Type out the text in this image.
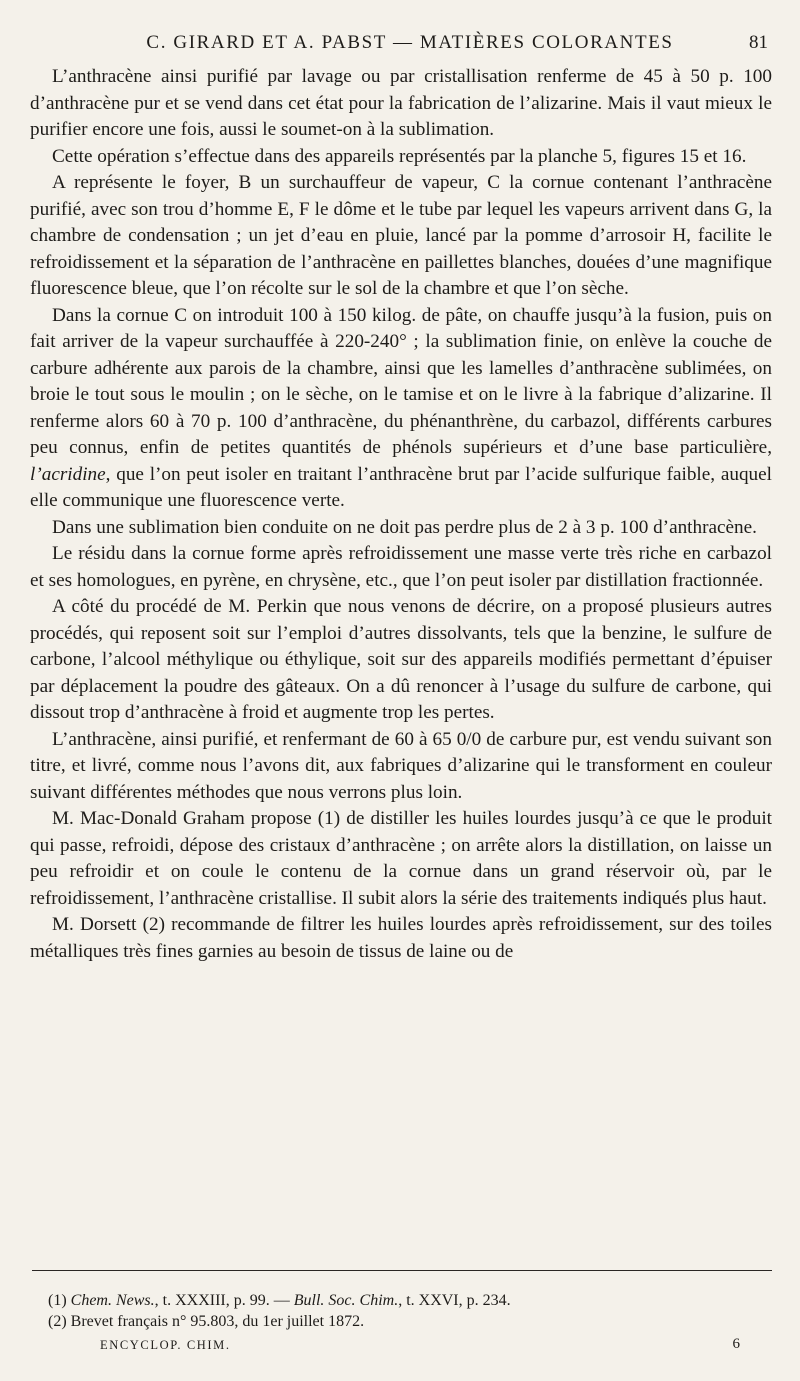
C. GIRARD ET A. PABST — MATIÈRES COLORANTES	81

L’anthracène ainsi purifié par lavage ou par cristallisation renferme de 45 à 50 p. 100 d’anthracène pur et se vend dans cet état pour la fabrication de l’alizarine. Mais il vaut mieux le purifier encore une fois, aussi le soumet-on à la sublimation.

Cette opération s’effectue dans des appareils représentés par la planche 5, figures 15 et 16.

A représente le foyer, B un surchauffeur de vapeur, C la cornue contenant l’anthracène purifié, avec son trou d’homme E, F le dôme et le tube par lequel les vapeurs arrivent dans G, la chambre de condensation ; un jet d’eau en pluie, lancé par la pomme d’arrosoir H, facilite le refroidissement et la séparation de l’anthracène en paillettes blanches, douées d’une magnifique fluorescence bleue, que l’on récolte sur le sol de la chambre et que l’on sèche.

Dans la cornue C on introduit 100 à 150 kilog. de pâte, on chauffe jusqu’à la fusion, puis on fait arriver de la vapeur surchauffée à 220-240° ; la sublimation finie, on enlève la couche de carbure adhérente aux parois de la chambre, ainsi que les lamelles d’anthracène sublimées, on broie le tout sous le moulin ; on le sèche, on le tamise et on le livre à la fabrique d’alizarine. Il renferme alors 60 à 70 p. 100 d’anthracène, du phénanthrène, du carbazol, différents carbures peu connus, enfin de petites quantités de phénols supérieurs et d’une base particulière, l’acridine, que l’on peut isoler en traitant l’anthracène brut par l’acide sulfurique faible, auquel elle communique une fluorescence verte.

Dans une sublimation bien conduite on ne doit pas perdre plus de 2 à 3 p. 100 d’anthracène.

Le résidu dans la cornue forme après refroidissement une masse verte très riche en carbazol et ses homologues, en pyrène, en chrysène, etc., que l’on peut isoler par distillation fractionnée.

A côté du procédé de M. Perkin que nous venons de décrire, on a proposé plusieurs autres procédés, qui reposent soit sur l’emploi d’autres dissolvants, tels que la benzine, le sulfure de carbone, l’alcool méthylique ou éthylique, soit sur des appareils modifiés permettant d’épuiser par déplacement la poudre des gâteaux. On a dû renoncer à l’usage du sulfure de carbone, qui dissout trop d’anthracène à froid et augmente trop les pertes.

L’anthracène, ainsi purifié, et renfermant de 60 à 65 0/0 de carbure pur, est vendu suivant son titre, et livré, comme nous l’avons dit, aux fabriques d’alizarine qui le transforment en couleur suivant différentes méthodes que nous verrons plus loin.

M. Mac-Donald Graham propose (1) de distiller les huiles lourdes jusqu’à ce que le produit qui passe, refroidi, dépose des cristaux d’anthracène ; on arrête alors la distillation, on laisse un peu refroidir et on coule le contenu de la cornue dans un grand réservoir où, par le refroidissement, l’anthracène cristallise. Il subit alors la série des traitements indiqués plus haut.

M. Dorsett (2) recommande de filtrer les huiles lourdes après refroidissement, sur des toiles métalliques très fines garnies au besoin de tissus de laine ou de

(1) Chem. News., t. XXXIII, p. 99. — Bull. Soc. Chim., t. XXVI, p. 234.

(2) Brevet français n° 95.803, du 1er juillet 1872.

ENCYCLOP. CHIM.	6
